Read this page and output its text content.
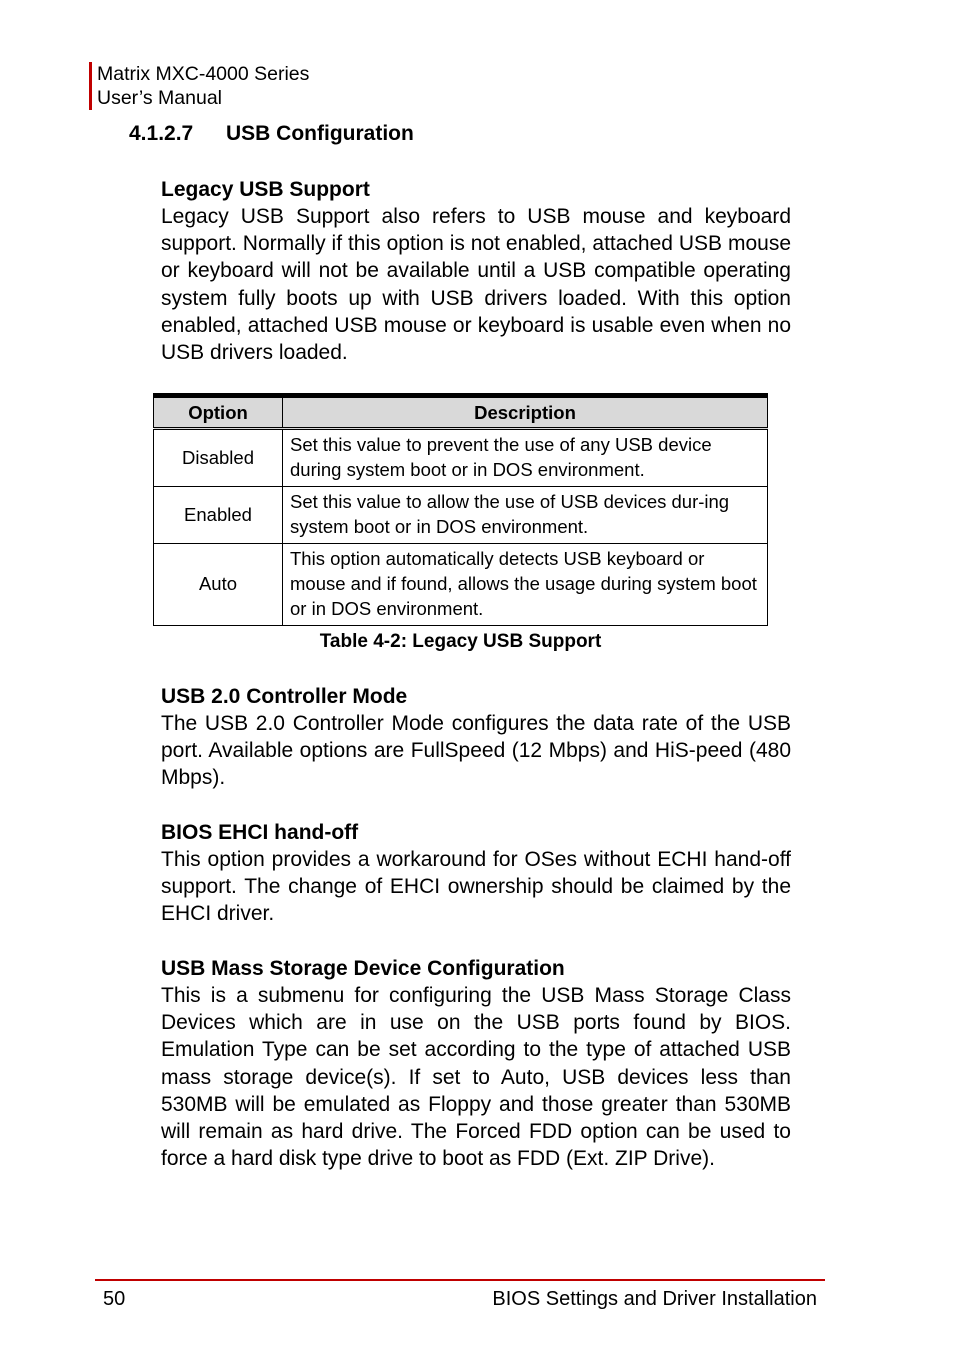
Matrix MXC-4000 Series
User’s Manual
4.1.2.7 USB Configuration
Legacy USB Support

Legacy USB Support also refers to USB mouse and keyboard support. Normally if this option is not enabled, attached USB mouse or keyboard will not be available until a USB compatible operating system fully boots up with USB drivers loaded. With this option enabled, attached USB mouse or keyboard is usable even when no USB drivers loaded.

Option	Description
Disabled	Set this value to prevent the use of any USB device during system boot or in DOS environment.
Enabled	Set this value to allow the use of USB devices dur-ing system boot or in DOS environment.
Auto	This option automatically detects USB keyboard or mouse and if found, allows the usage during system boot or in DOS environment.
Table 4-2: Legacy USB Support
USB 2.0 Controller Mode

The USB 2.0 Controller Mode configures the data rate of the USB port. Available options are FullSpeed (12 Mbps) and HiS-peed (480 Mbps).

BIOS EHCI hand-off

This option provides a workaround for OSes without ECHI hand-off support. The change of EHCI ownership should be claimed by the EHCI driver.

USB Mass Storage Device Configuration

This is a submenu for configuring the USB Mass Storage Class Devices which are in use on the USB ports found by BIOS. Emulation Type can be set according to the type of attached USB mass storage device(s). If set to Auto, USB devices less than 530MB will be emulated as Floppy and those greater than 530MB will remain as hard drive. The Forced FDD option can be used to force a hard disk type drive to boot as FDD (Ext. ZIP Drive).

50	BIOS Settings and Driver Installation
